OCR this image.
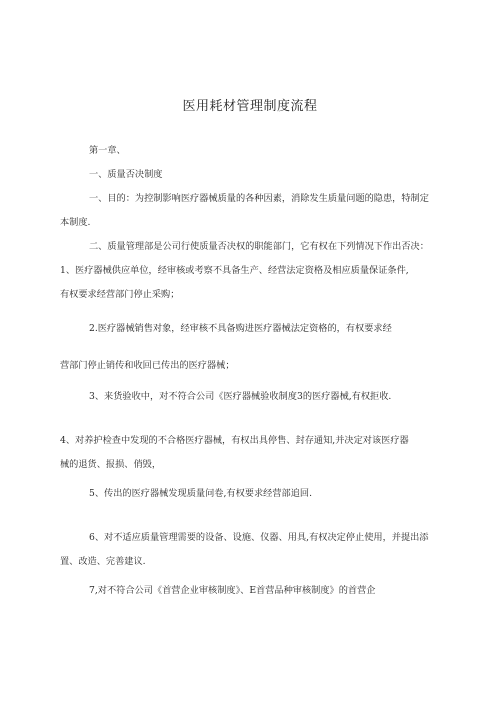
医用耗材管理制度流程
第一章、
一、质量否决制度
一、目的：为控制影响医疗器械质量的各种因素，消除发生质量问题的隐患，特制定
本制度.
二、质量管理部是公司行使质量否决权的职能部门，它有权在下列情况下作出否决：
1、医疗器械供应单位，经审核或考察不具备生产、经营法定资格及相应质量保证条件,
有权要求经营部门停止采购；
2.医疗器械销售对象，经审核不具备购进医疗器械法定资格的，有权要求经
营部门停止销传和收回已传出的医疗器械；
3、来货验收中，对不符合公司《医疗器械验收制度3的医疗器械,有权拒收.
4、对养护检查中发现的不合格医疗器械，有权出具停售、封存通知,并决定对该医疗器
械的退货、报损、俏毁，
5、传出的医疗器械发现质量问卷,有权要求经营部追回.
6、对不适应质量管理需要的设备、设施、仪器、用具,有权决定停止使用，并提出添
置、改造、完善建议.
7,对不符合公司《首营企业审核制度》、E首营品种审核制度》的首营企
